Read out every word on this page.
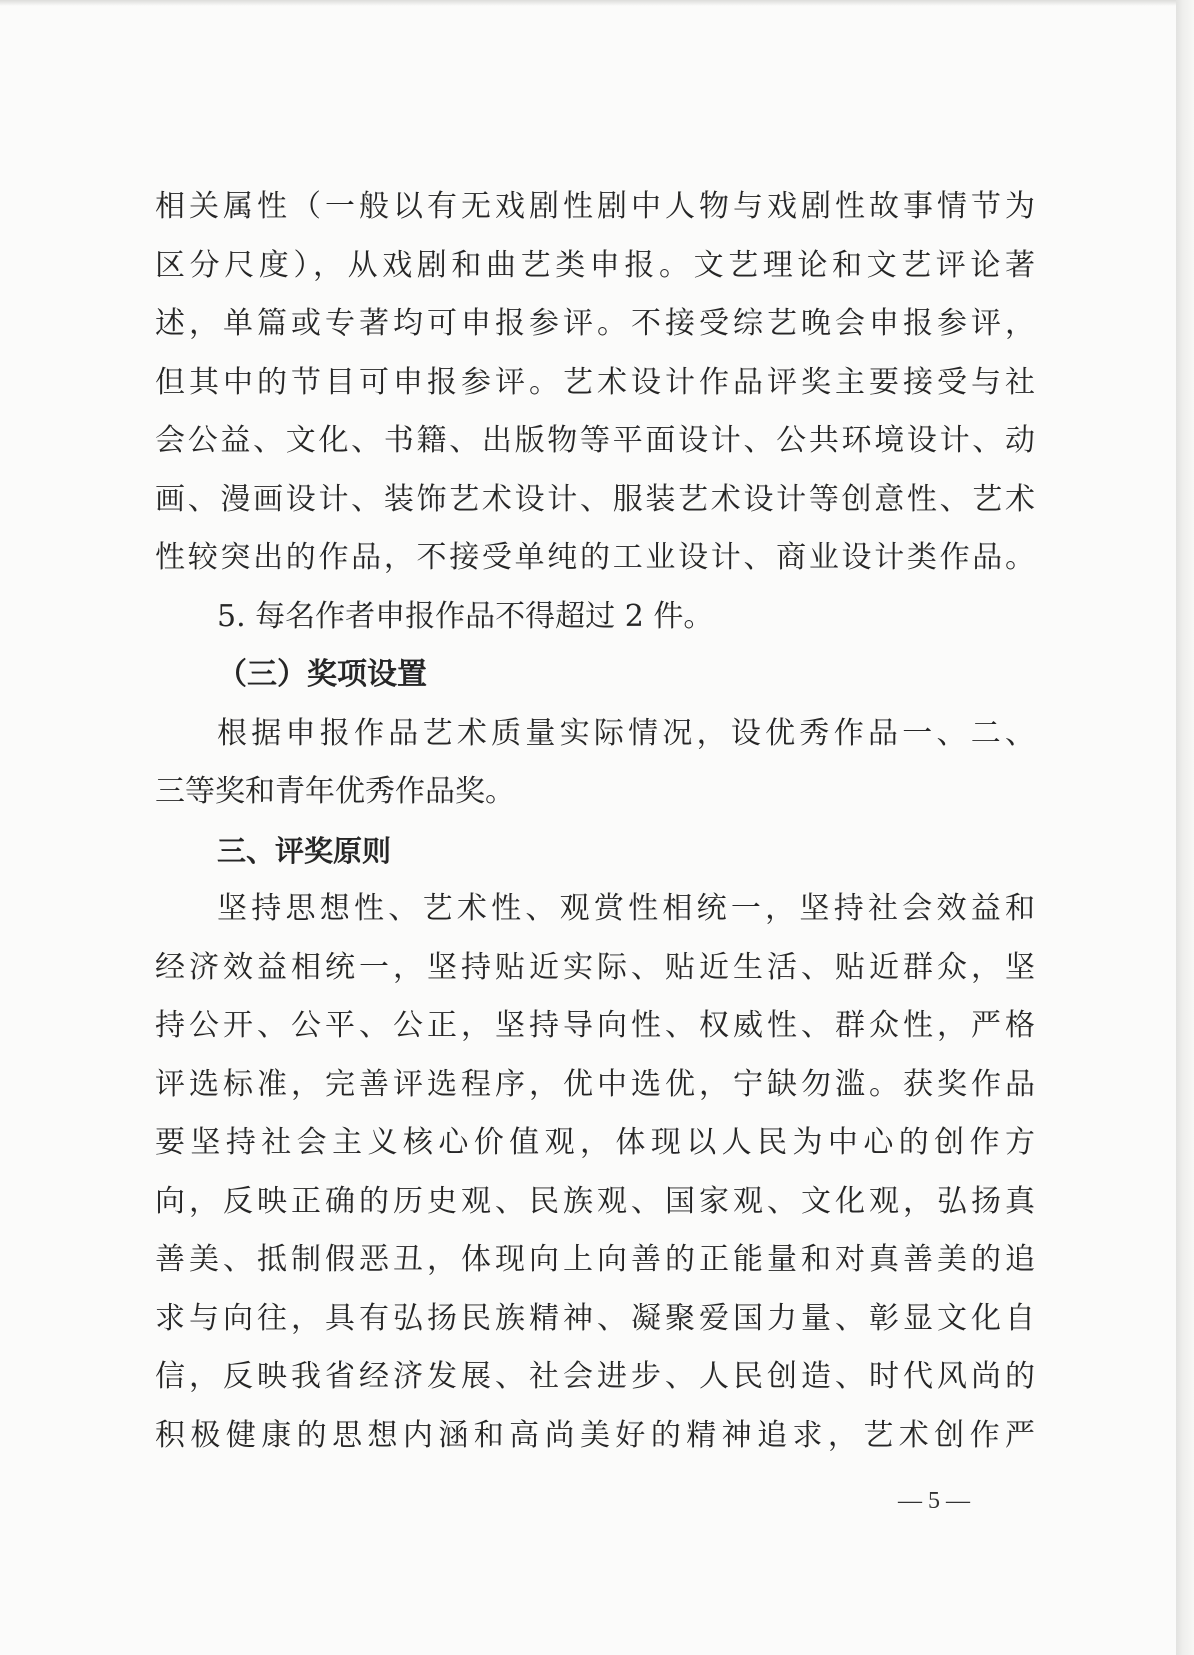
相关属性（一般以有无戏剧性剧中人物与戏剧性故事情节为
区分尺度），从戏剧和曲艺类申报。文艺理论和文艺评论著
述，单篇或专著均可申报参评。不接受综艺晚会申报参评，
但其中的节目可申报参评。艺术设计作品评奖主要接受与社
会公益、文化、书籍、出版物等平面设计、公共环境设计、动
画、漫画设计、装饰艺术设计、服装艺术设计等创意性、艺术
性较突出的作品，不接受单纯的工业设计、商业设计类作品。
5. 每名作者申报作品不得超过 2 件。
（三）奖项设置
根据申报作品艺术质量实际情况，设优秀作品一、二、
三等奖和青年优秀作品奖。
三、评奖原则
坚持思想性、艺术性、观赏性相统一，坚持社会效益和
经济效益相统一，坚持贴近实际、贴近生活、贴近群众，坚
持公开、公平、公正，坚持导向性、权威性、群众性，严格
评选标准，完善评选程序，优中选优，宁缺勿滥。获奖作品
要坚持社会主义核心价值观，体现以人民为中心的创作方
向，反映正确的历史观、民族观、国家观、文化观，弘扬真
善美、抵制假恶丑，体现向上向善的正能量和对真善美的追
求与向往，具有弘扬民族精神、凝聚爱国力量、彰显文化自
信，反映我省经济发展、社会进步、人民创造、时代风尚的
积极健康的思想内涵和高尚美好的精神追求，艺术创作严
— 5 —
